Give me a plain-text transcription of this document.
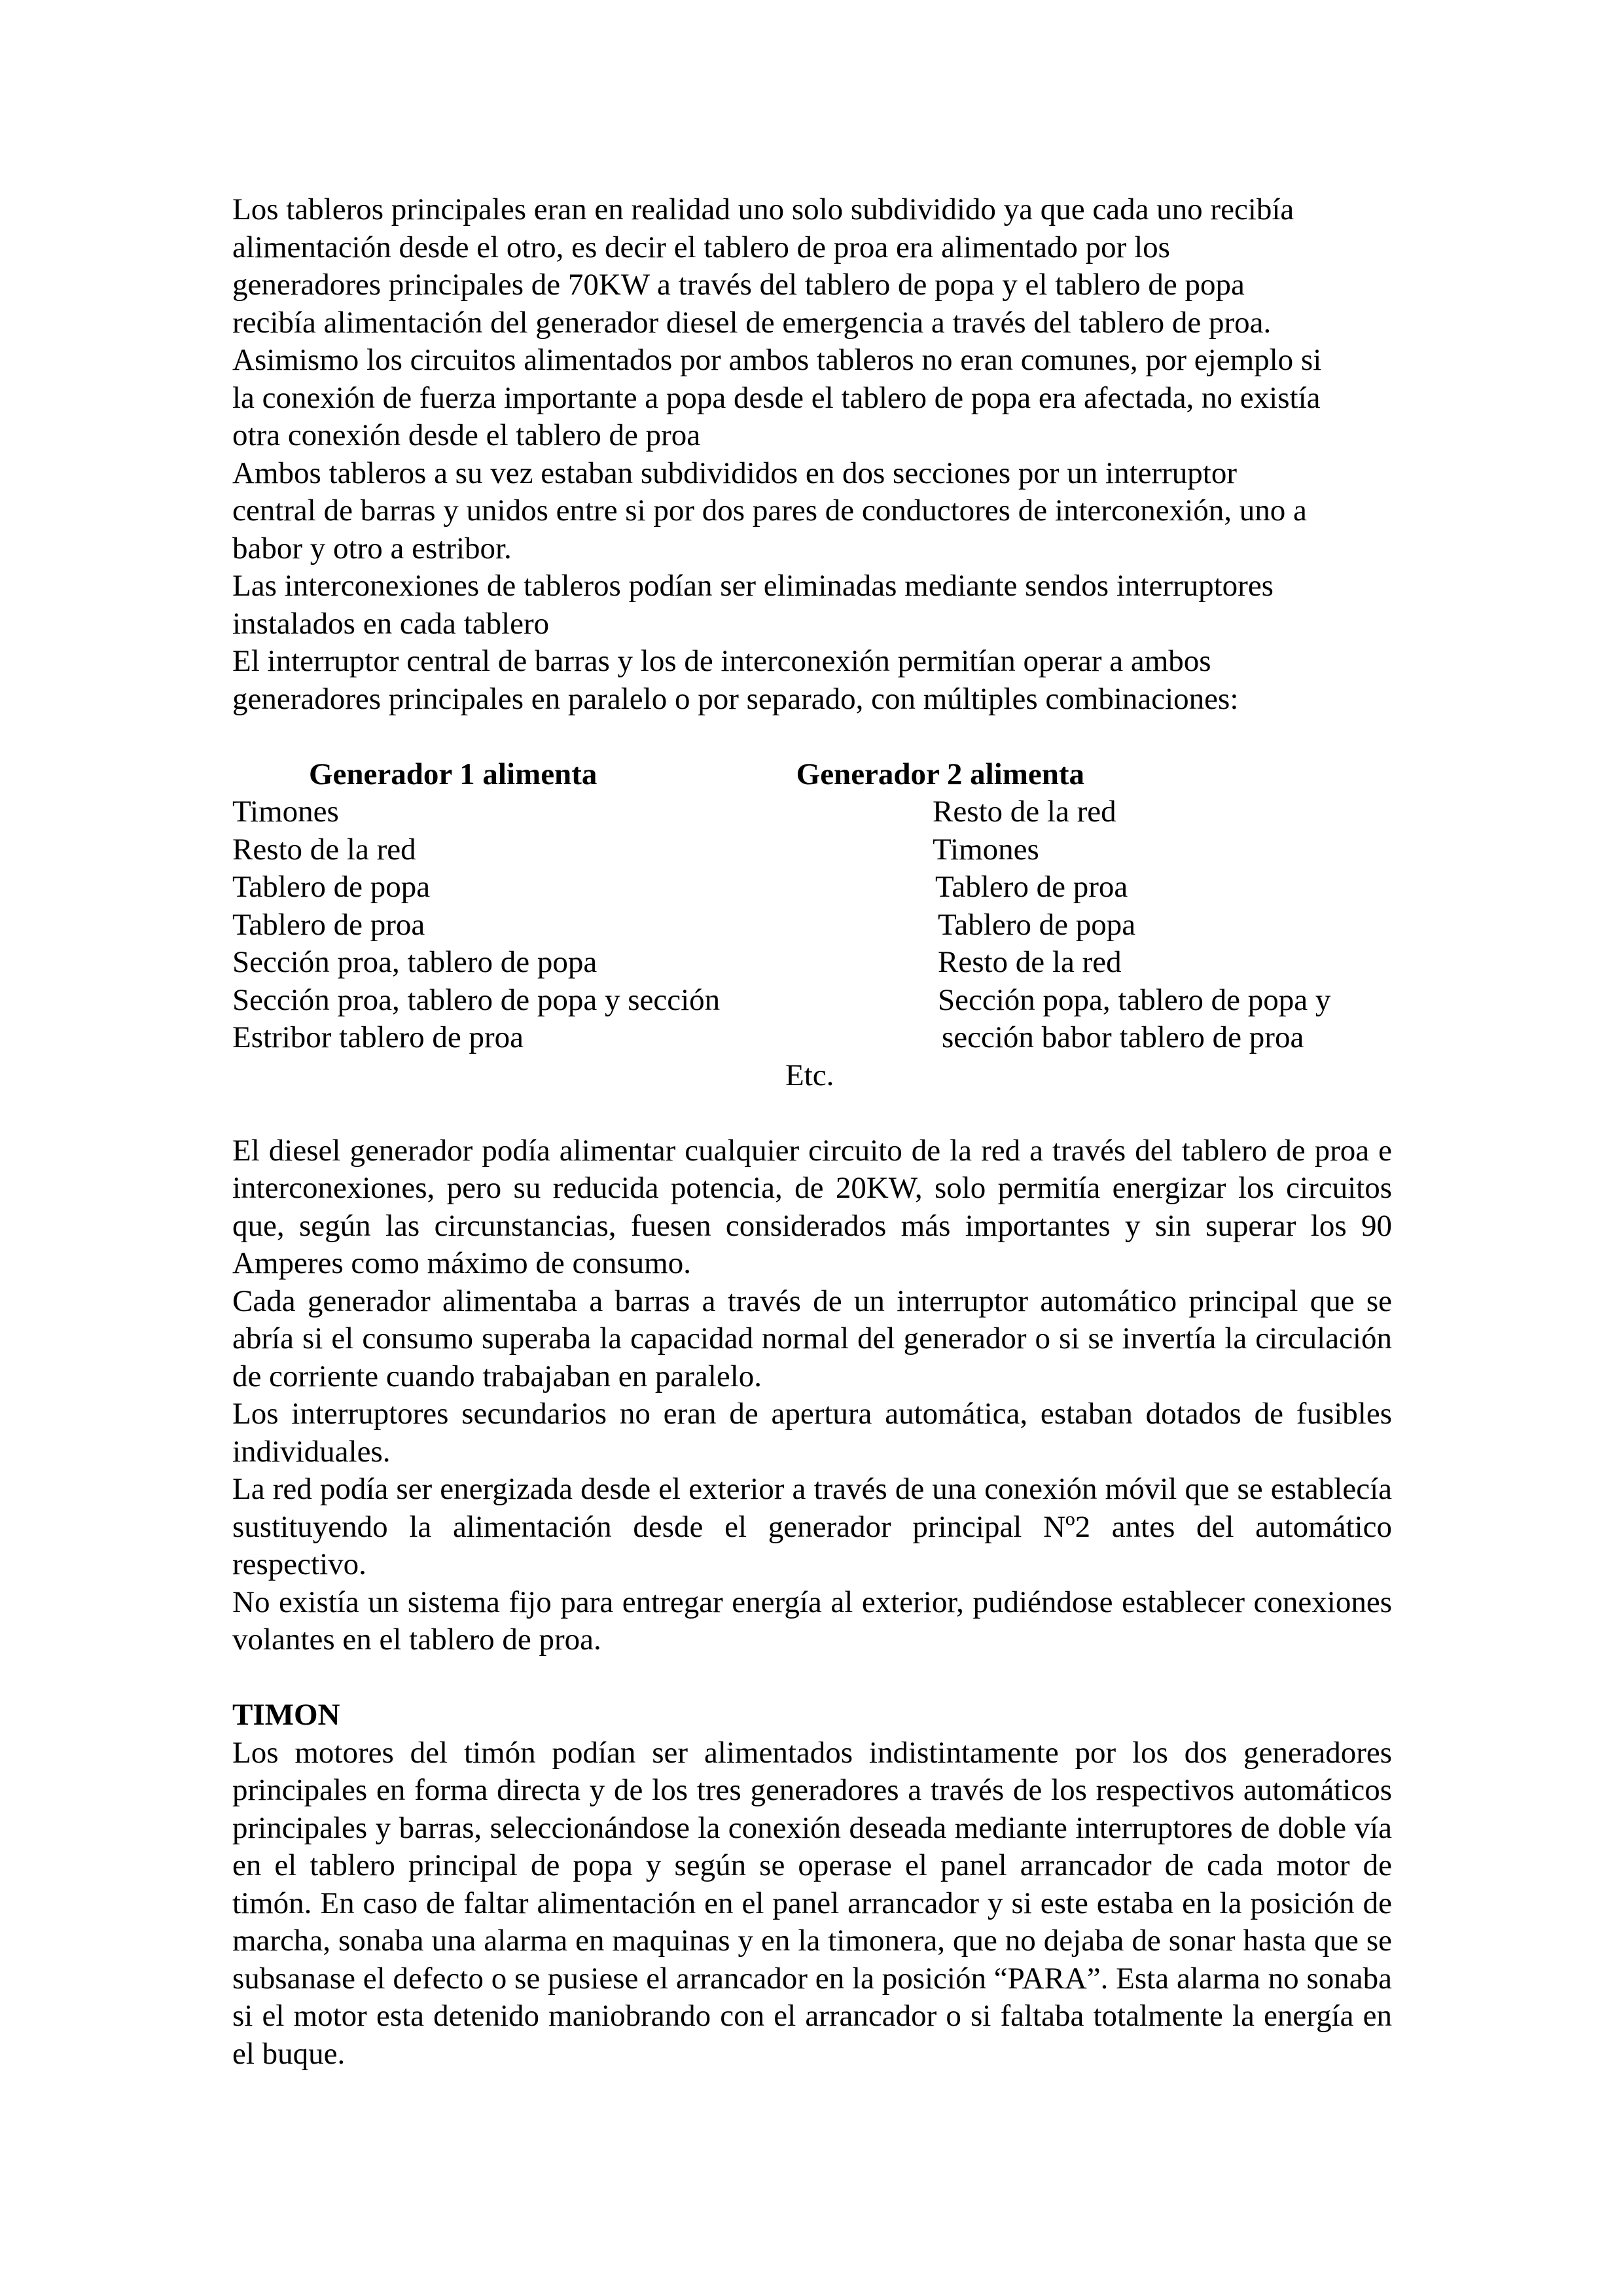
Los tableros principales eran en realidad uno solo subdividido ya que cada uno recibía
alimentación desde el otro, es decir el tablero de proa era alimentado por los
generadores principales de 70KW a través del tablero de popa y el tablero de popa
recibía alimentación del generador diesel de emergencia a través del tablero de proa.
Asimismo los circuitos alimentados por ambos tableros no eran comunes, por ejemplo si
la conexión de fuerza importante a popa desde el tablero de popa era afectada, no existía
otra conexión desde el tablero de proa
Ambos tableros a su vez estaban subdivididos en dos secciones por un interruptor
central de barras y unidos entre si por dos pares de conductores de interconexión, uno a
babor y otro a estribor.
Las interconexiones de tableros podían ser eliminadas mediante sendos interruptores
instalados en cada tablero
El interruptor central de barras y los de interconexión permitían operar a ambos
generadores principales en paralelo o por separado, con múltiples combinaciones:
Generador 1 alimenta	Generador 2 alimenta
Timones	Resto de la red
Resto de la red	Timones
Tablero de popa	Tablero de proa
Tablero de proa	Tablero de popa
Sección proa, tablero de popa	Resto de la red
Sección proa, tablero de popa y sección	Sección popa, tablero de popa y
Estribor tablero de proa	sección babor tablero de proa
Etc.

El diesel generador podía alimentar cualquier circuito de la red a través del tablero de proa e interconexiones, pero su reducida potencia, de 20KW, solo permitía energizar los circuitos que, según las circunstancias, fuesen considerados más importantes y sin superar los 90 Amperes como máximo de consumo.

Cada generador alimentaba a barras a través de un interruptor automático principal que se abría si el consumo superaba la capacidad normal del generador o si se invertía la circulación de corriente cuando trabajaban en paralelo.

Los interruptores secundarios no eran de apertura automática, estaban dotados de fusibles individuales.

La red podía ser energizada desde el exterior a través de una conexión móvil que se establecía sustituyendo la alimentación desde el generador principal Nº2 antes del automático respectivo.

No existía un sistema fijo para entregar energía al exterior, pudiéndose establecer conexiones volantes en el tablero de proa.

TIMON

Los motores del timón podían ser alimentados indistintamente por los dos generadores principales en forma directa y de los tres generadores a través de los respectivos automáticos principales y barras, seleccionándose la conexión deseada mediante interruptores de doble vía en el tablero principal de popa y según se operase el panel arrancador de cada motor de timón. En caso de faltar alimentación en el panel arrancador y si este estaba en la posición de marcha, sonaba una alarma en maquinas y en la timonera, que no dejaba de sonar hasta que se subsanase el defecto o se pusiese el arrancador en la posición “PARA”. Esta alarma no sonaba si el motor esta detenido maniobrando con el arrancador o si faltaba totalmente la energía en el buque.
